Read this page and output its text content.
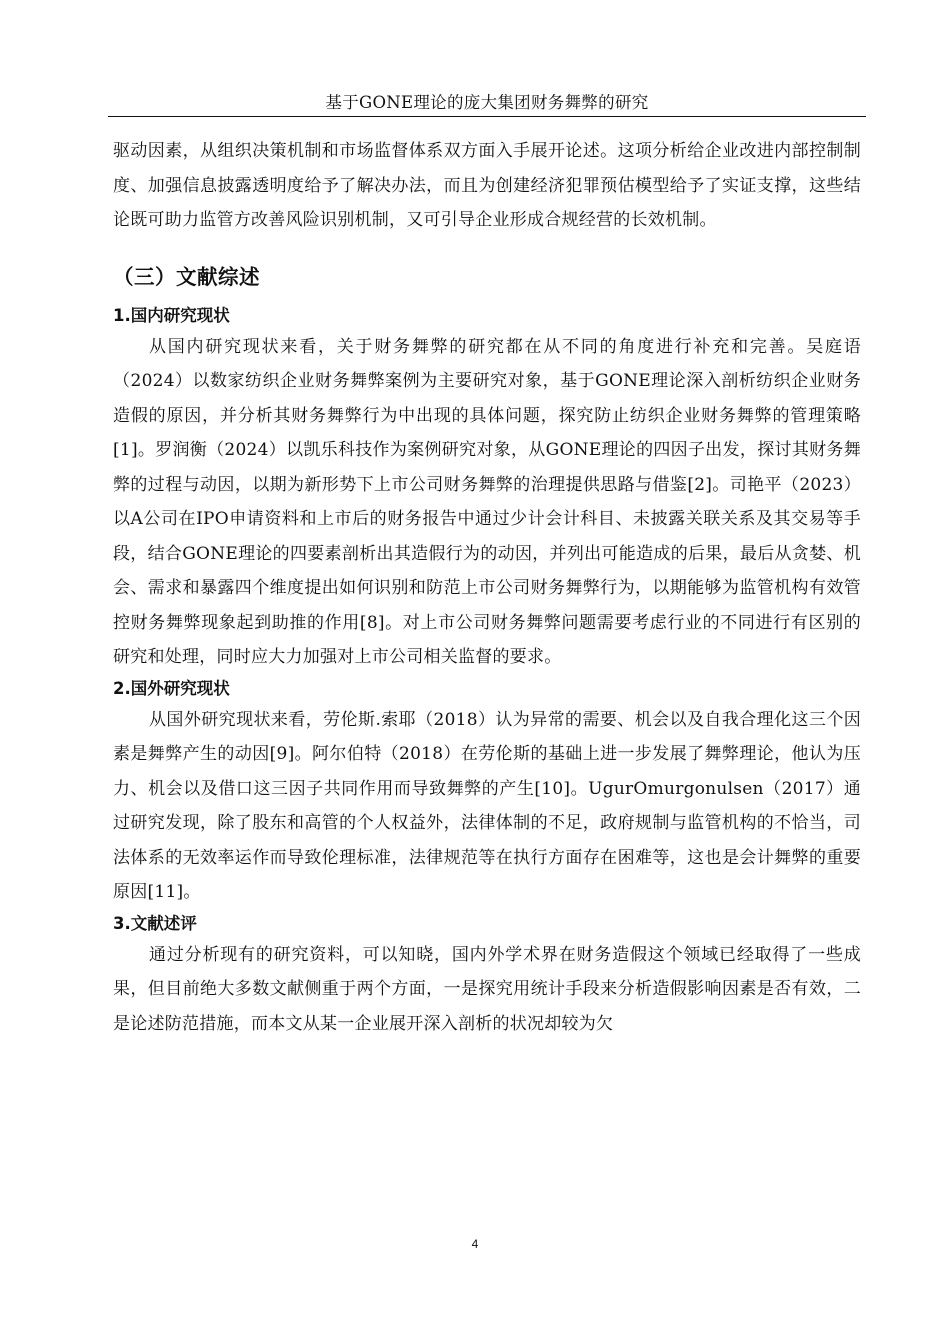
基于GONE理论的庞大集团财务舞弊的研究

驱动因素，从组织决策机制和市场监督体系双方面入手展开论述。这项分析给企业改进内部控制制度、加强信息披露透明度给予了解决办法，而且为创建经济犯罪预估模型给予了实证支撑，这些结论既可助力监管方改善风险识别机制，又可引导企业形成合规经营的长效机制。

（三）文献综述
1.国内研究现状

从国内研究现状来看，关于财务舞弊的研究都在从不同的角度进行补充和完善。吴庭语（2024）以数家纺织企业财务舞弊案例为主要研究对象，基于GONE理论深入剖析纺织企业财务造假的原因，并分析其财务舞弊行为中出现的具体问题，探究防止纺织企业财务舞弊的管理策略[1]。罗润衡（2024）以凯乐科技作为案例研究对象，从GONE理论的四因子出发，探讨其财务舞弊的过程与动因，以期为新形势下上市公司财务舞弊的治理提供思路与借鉴[2]。司艳平（2023）以A公司在IPO申请资料和上市后的财务报告中通过少计会计科目、未披露关联关系及其交易等手段，结合GONE理论的四要素剖析出其造假行为的动因，并列出可能造成的后果，最后从贪婪、机会、需求和暴露四个维度提出如何识别和防范上市公司财务舞弊行为，以期能够为监管机构有效管控财务舞弊现象起到助推的作用[8]。对上市公司财务舞弊问题需要考虑行业的不同进行有区别的研究和处理，同时应大力加强对上市公司相关监督的要求。

2.国外研究现状

从国外研究现状来看，劳伦斯.索耶（2018）认为异常的需要、机会以及自我合理化这三个因素是舞弊产生的动因[9]。阿尔伯特（2018）在劳伦斯的基础上进一步发展了舞弊理论，他认为压力、机会以及借口这三因子共同作用而导致舞弊的产生[10]。UgurOmurgonulsen（2017）通过研究发现，除了股东和高管的个人权益外，法律体制的不足，政府规制与监管机构的不恰当，司法体系的无效率运作而导致伦理标准，法律规范等在执行方面存在困难等，这也是会计舞弊的重要原因[11]。

3.文献述评

通过分析现有的研究资料，可以知晓，国内外学术界在财务造假这个领域已经取得了一些成果，但目前绝大多数文献侧重于两个方面，一是探究用统计手段来分析造假影响因素是否有效，二是论述防范措施，而本文从某一企业展开深入剖析的状况却较为欠

4
